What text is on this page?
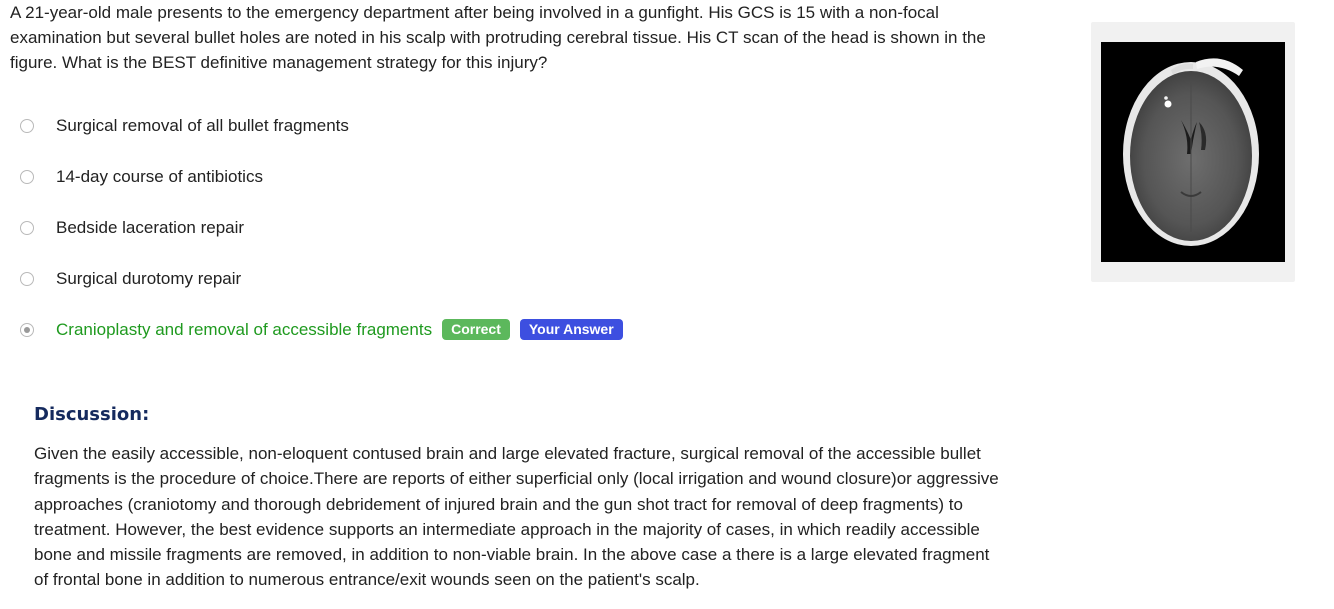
A 21-year-old male presents to the emergency department after being involved in a gunfight. His GCS is 15 with a non-focal examination but several bullet holes are noted in his scalp with protruding cerebral tissue. His CT scan of the head is shown in the figure. What is the BEST definitive management strategy for this injury?

Surgical removal of all bullet fragments
14-day course of antibiotics
Bedside laceration repair
Surgical durotomy repair
Cranioplasty and removal of accessible fragments	Correct	Your Answer
Discussion:

Given the easily accessible, non-eloquent contused brain and large elevated fracture, surgical removal of the accessible bullet fragments is the procedure of choice.There are reports of either superficial only (local irrigation and wound closure)or aggressive approaches (craniotomy and thorough debridement of injured brain and the gun shot tract for removal of deep fragments) to treatment. However, the best evidence supports an intermediate approach in the majority of cases, in which readily accessible bone and missile fragments are removed, in addition to non-viable brain. In the above case a there is a large elevated fragment of frontal bone in addition to numerous entrance/exit wounds seen on the patient's scalp.
